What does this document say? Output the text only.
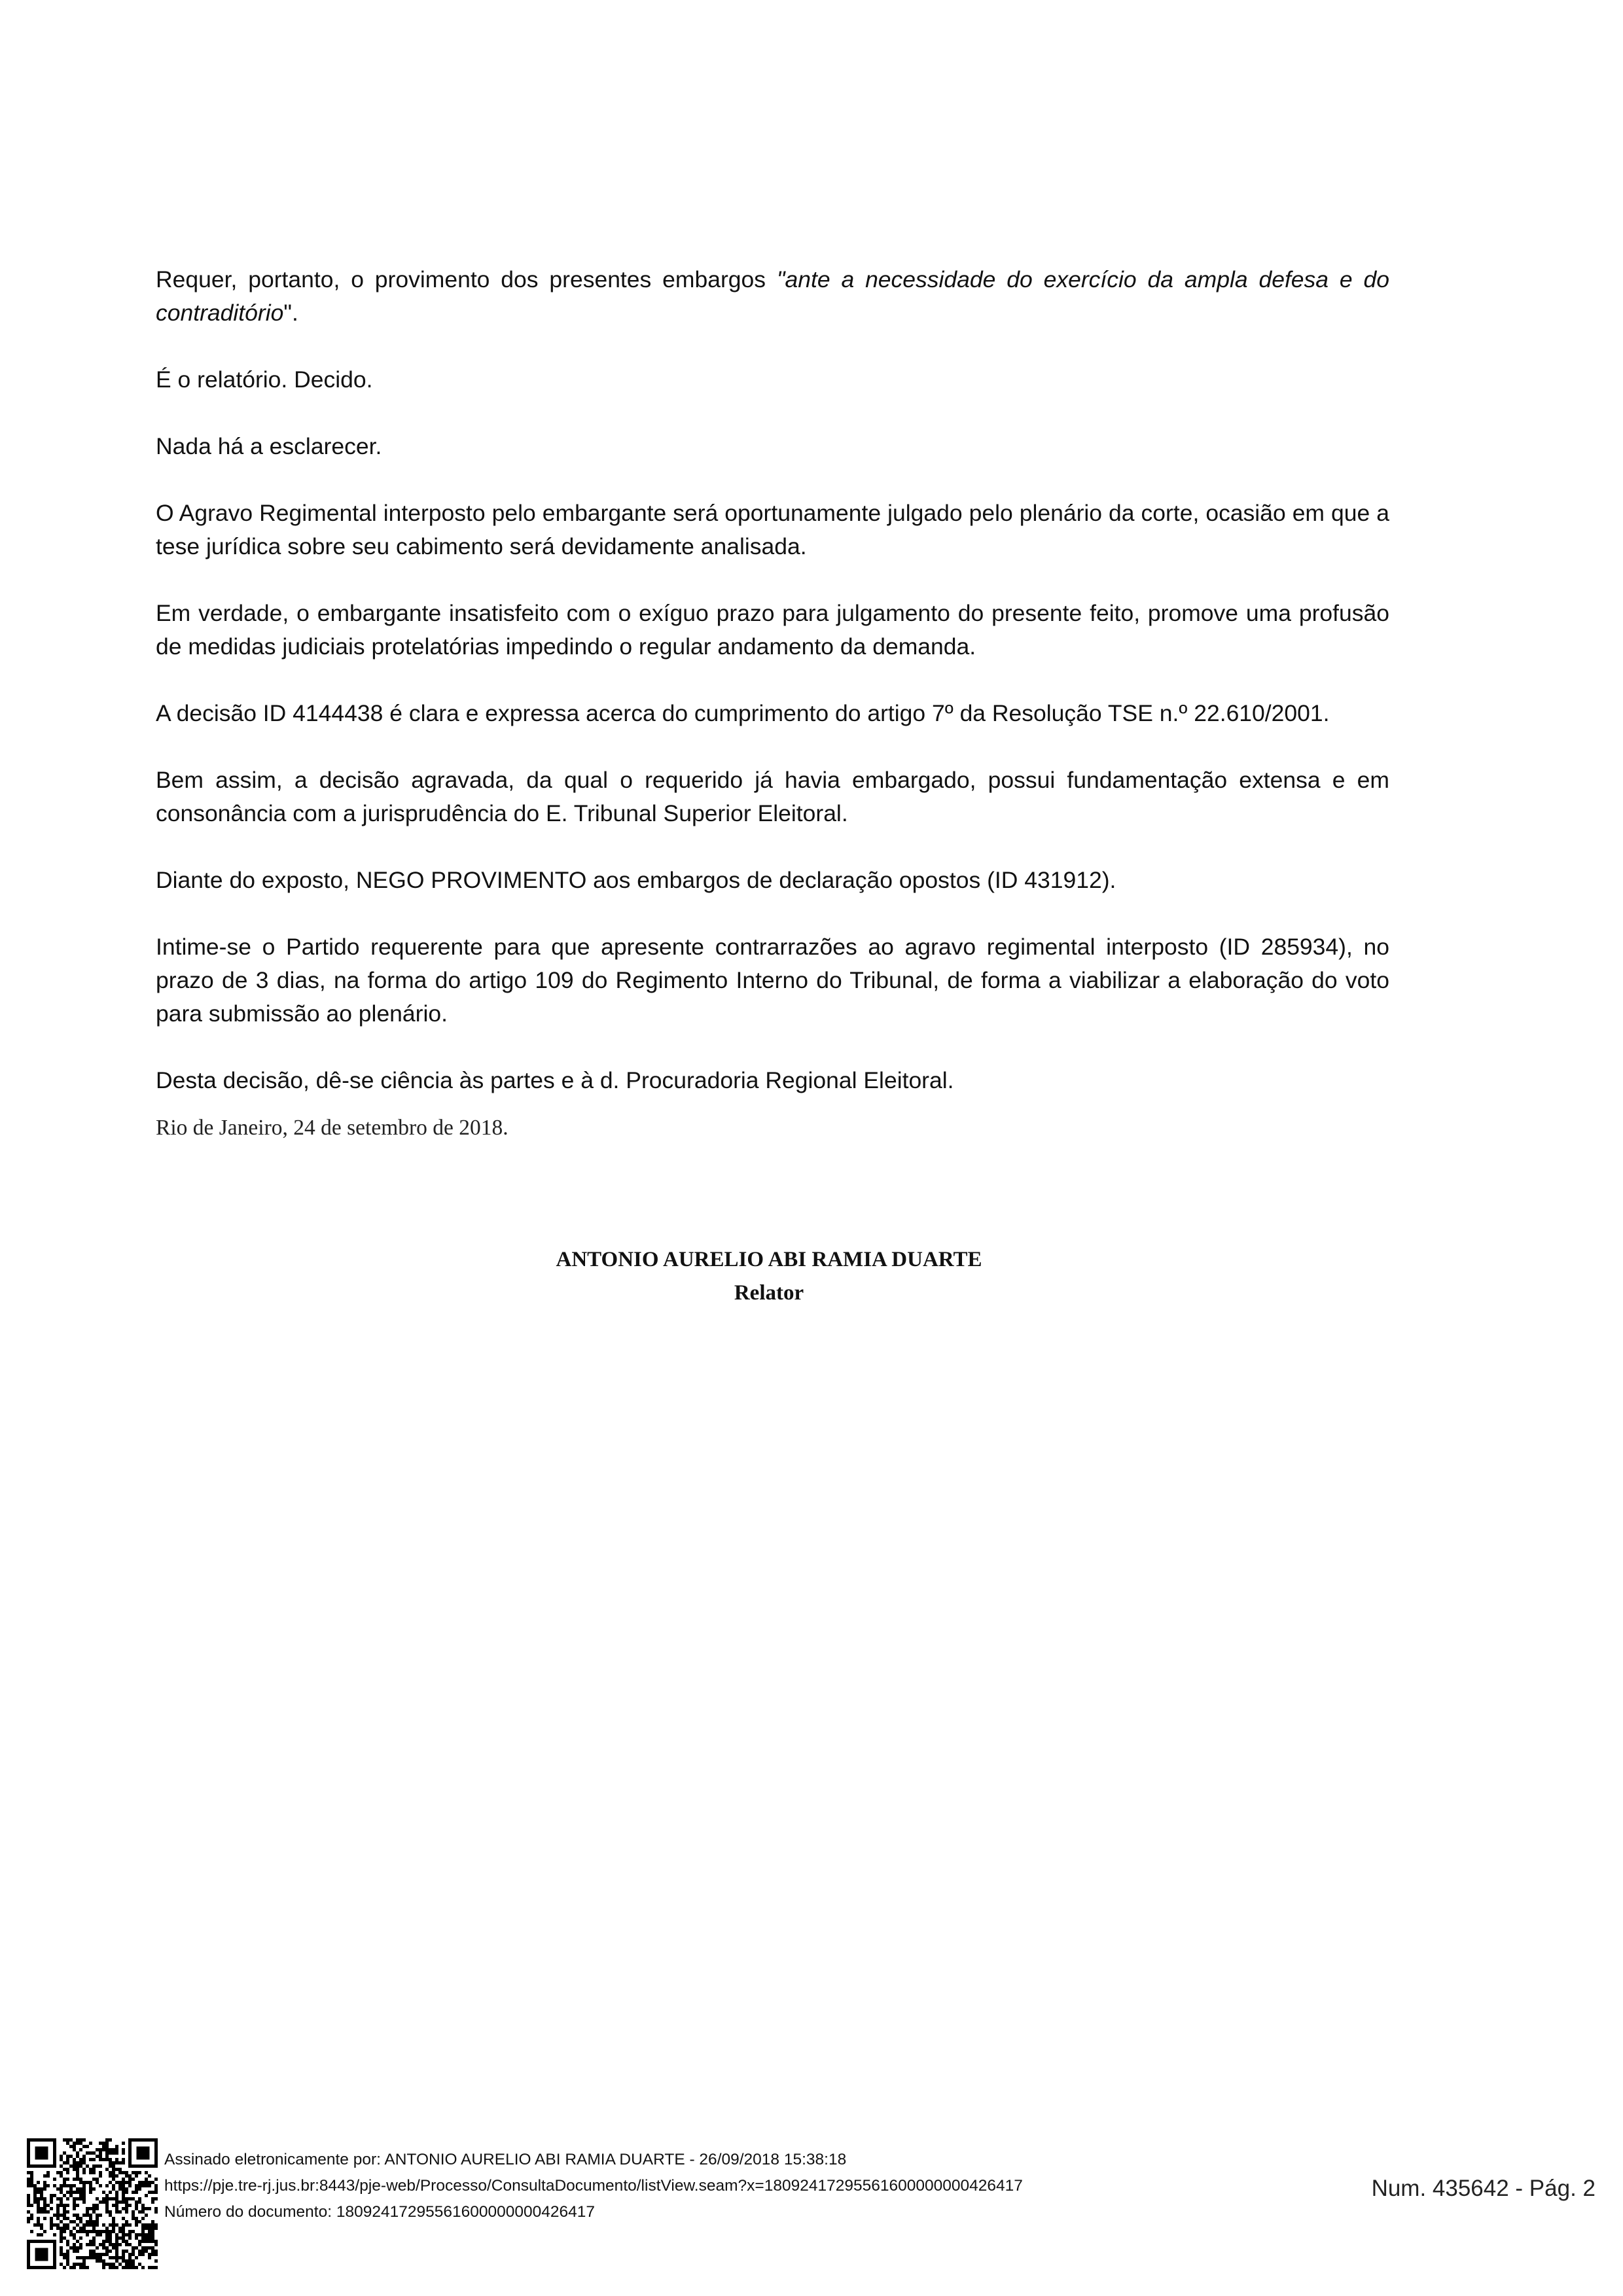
Requer, portanto, o provimento dos presentes embargos "ante a necessidade do exercício da ampla defesa e do contraditório".

É o relatório. Decido.

Nada há a esclarecer.

O Agravo Regimental interposto pelo embargante será oportunamente julgado pelo plenário da corte, ocasião em que a tese jurídica sobre seu cabimento será devidamente analisada.

Em verdade, o embargante insatisfeito com o exíguo prazo para julgamento do presente feito, promove uma profusão de medidas judiciais protelatórias impedindo o regular andamento da demanda.

A decisão ID 4144438 é clara e expressa acerca do cumprimento do artigo 7º da Resolução TSE n.º 22.610/2001.

Bem assim, a decisão agravada, da qual o requerido já havia embargado, possui fundamentação extensa e em consonância com a jurisprudência do E. Tribunal Superior Eleitoral.

Diante do exposto, NEGO PROVIMENTO aos embargos de declaração opostos (ID 431912).

Intime-se o Partido requerente para que apresente contrarrazões ao agravo regimental interposto (ID 285934), no prazo de 3 dias, na forma do artigo 109 do Regimento Interno do Tribunal, de forma a viabilizar a elaboração do voto para submissão ao plenário.

Desta decisão, dê-se ciência às partes e à d. Procuradoria Regional Eleitoral.

Rio de Janeiro, 24 de setembro de 2018.
ANTONIO AURELIO ABI RAMIA DUARTE
Relator
Assinado eletronicamente por: ANTONIO AURELIO ABI RAMIA DUARTE - 26/09/2018 15:38:18
https://pje.tre-rj.jus.br:8443/pje-web/Processo/ConsultaDocumento/listView.seam?x=18092417295561600000000426417
Número do documento: 18092417295561600000000426417
Num. 435642 - Pág. 2
